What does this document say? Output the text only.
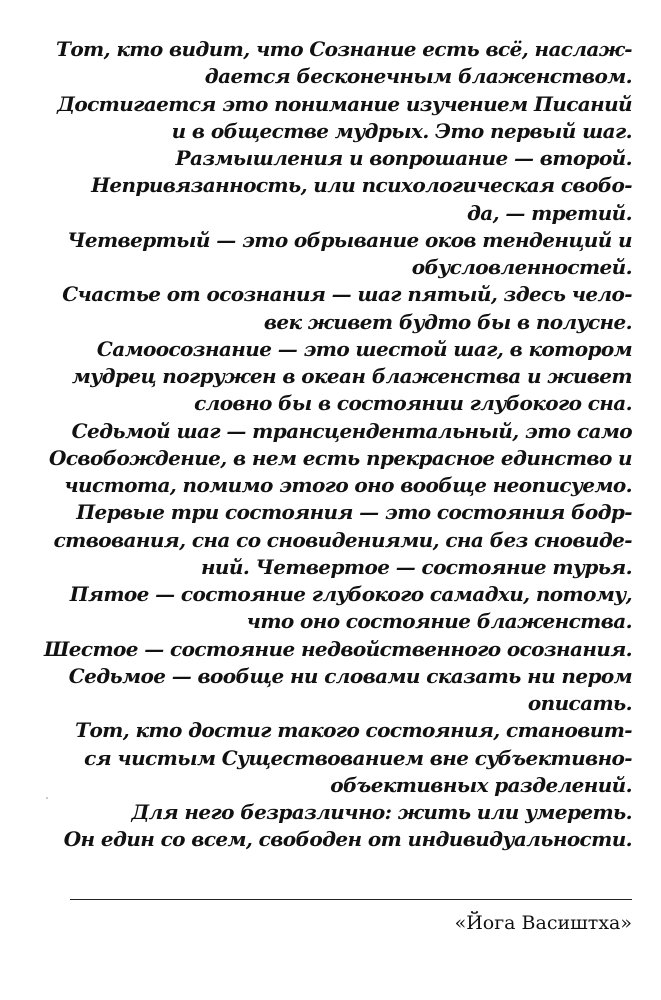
Тот, кто видит, что Сознание есть всё, наслаж-
дается бесконечным блаженством.
Достигается это понимание изучением Писаний
и в обществе мудрых. Это первый шаг.
Размышления и вопрошание — второй.
Непривязанность, или психологическая свобо-
да, — третий.
Четвертый — это обрывание оков тенденций и
обусловленностей.
Счастье от осознания — шаг пятый, здесь чело-
век живет будто бы в полусне.
Самоосознание — это шестой шаг, в котором
мудрец погружен в океан блаженства и живет
словно бы в состоянии глубокого сна.
Седьмой шаг — трансцендентальный, это само
Освобождение, в нем есть прекрасное единство и
чистота, помимо этого оно вообще неописуемо.
Первые три состояния — это состояния бодр-
ствования, сна со сновидениями, сна без сновиде-
ний. Четвертое — состояние турья.
Пятое — состояние глубокого самадхи, потому,
что оно состояние блаженства.
Шестое — состояние недвойственного осознания.
Седьмое — вообще ни словами сказать ни пером
описать.
Тот, кто достиг такого состояния, становит-
ся чистым Существованием вне субъективно-
объективных разделений.
Для него безразлично: жить или умереть.
Он един со всем, свободен от индивидуальности.
«Йога Васиштха»
